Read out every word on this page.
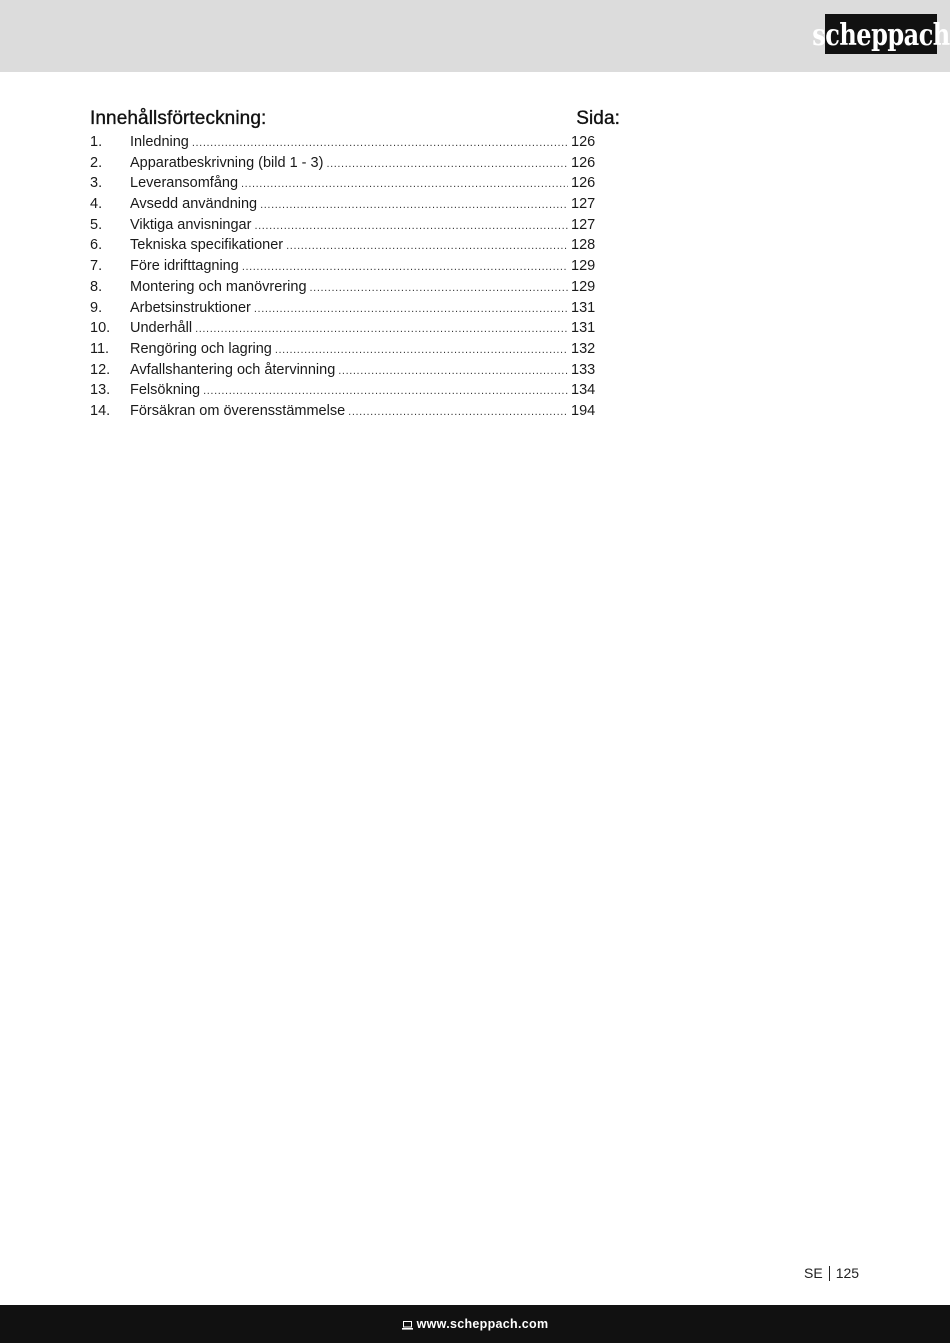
scheppach
Innehållsförteckning:	Sida:
1.	Inledning .....	126
2.	Apparatbeskrivning (bild 1 - 3) .....	126
3.	Leveransomfång .....	126
4.	Avsedd användning .....	127
5.	Viktiga anvisningar .....	127
6.	Tekniska specifikationer .....	128
7.	Före idrifttagning .....	129
8.	Montering och manövrering .....	129
9.	Arbetsinstruktioner .....	131
10.	Underhåll .....	131
11.	Rengöring och lagring .....	132
12.	Avfallshantering och återvinning .....	133
13.	Felsökning .....	134
14.	Försäkran om överensstämmelse .....	194
SE 125
www.scheppach.com
